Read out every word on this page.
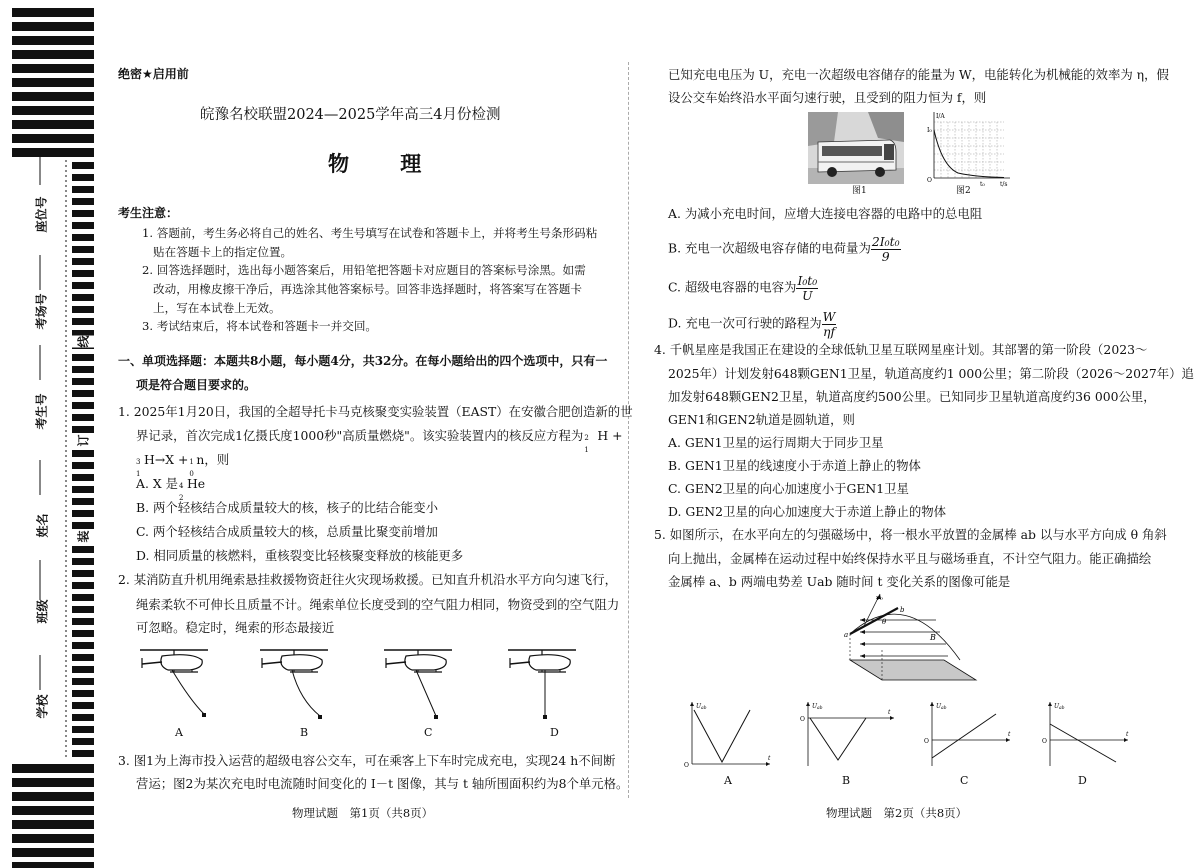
座位号
考场号
考生号
姓名
班级
学校
线
订
装
绝密★启用前
皖豫名校联盟2024—2025学年高三4月份检测
物 理
考生注意：
1. 答题前，考生务必将自己的姓名、考生号填写在试卷和答题卡上，并将考生号条形码粘
贴在答题卡上的指定位置。
2. 回答选择题时，选出每小题答案后，用铅笔把答题卡对应题目的答案标号涂黑。如需
改动，用橡皮擦干净后，再选涂其他答案标号。回答非选择题时，将答案写在答题卡
上，写在本试卷上无效。
3. 考试结束后，将本试卷和答题卡一并交回。
一、单项选择题：本题共8小题，每小题4分，共32分。在每小题给出的四个选项中，只有一
项是符合题目要求的。
1. 2025年1月20日，我国的全超导托卡马克核聚变实验装置（EAST）在安徽合肥创造新的世
界记录，首次完成1亿摄氏度1000秒"高质量燃烧"。该实验装置内的核反应方程为 2
1
H +
3
1
H→X + 1
0
n，则
A. X 是 4
2
He
B. 两个轻核结合成质量较大的核，核子的比结合能变小
C. 两个轻核结合成质量较大的核，总质量比聚变前增加
D. 相同质量的核燃料，重核裂变比轻核聚变释放的核能更多
2. 某消防直升机用绳索悬挂救援物资赶往火灾现场救援。已知直升机沿水平方向匀速飞行，
绳索柔软不可伸长且质量不计。绳索单位长度受到的空气阻力相同，物资受到的空气阻力
可忽略。稳定时，绳索的形态最接近
A	B	C	D
3. 图1为上海市投入运营的超级电容公交车，可在乘客上下车时完成充电，实现24 h不间断
营运；图2为某次充电时电流随时间变化的 I－t 图像，其与 t 轴所围面积约为8个单元格。
物理试题　第1页（共8页）
已知充电电压为 U，充电一次超级电容储存的能量为 W，电能转化为机械能的效率为 η，假
设公交车始终沿水平面匀速行驶，且受到的阻力恒为 f，则
图1
I/A
I₀
O
t₀	t/s
图2
A. 为减小充电时间，应增大连接电容器的电路中的总电阻
B. 充电一次超级电容存储的电荷量为 $\frac{\text{2I₀t₀}}{9}$
C. 超级电容器的电容为 $\frac{\text{I₀t₀}}{U}$
D. 充电一次可行驶的路程为 $\frac{W}{\eta f}$
4. 千帆星座是我国正在建设的全球低轨卫星互联网星座计划。其部署的第一阶段（2023～
2025年）计划发射648颗GEN1卫星，轨道高度约1 000公里；第二阶段（2026～2027年）追
加发射648颗GEN2卫星，轨道高度约500公里。已知同步卫星轨道高度约36 000公里，
GEN1和GEN2轨道是圆轨道，则
A. GEN1卫星的运行周期大于同步卫星
B. GEN1卫星的线速度小于赤道上静止的物体
C. GEN2卫星的向心加速度小于GEN1卫星
D. GEN2卫星的向心加速度大于赤道上静止的物体
5. 如图所示，在水平向左的匀强磁场中，将一根水平放置的金属棒 ab 以与水平方向成 θ 角斜
向上抛出，金属棒在运动过程中始终保持水平且与磁场垂直，不计空气阻力。能正确描绘
金属棒 a、b 两端电势差 Uab 随时间 t 变化关系的图像可能是
v₀
a
b
θ
B
U ab
O
t
U ab
O
t
U ab
O
t
U ab
O
t
A	B	C	D
物理试题　第2页（共8页）
